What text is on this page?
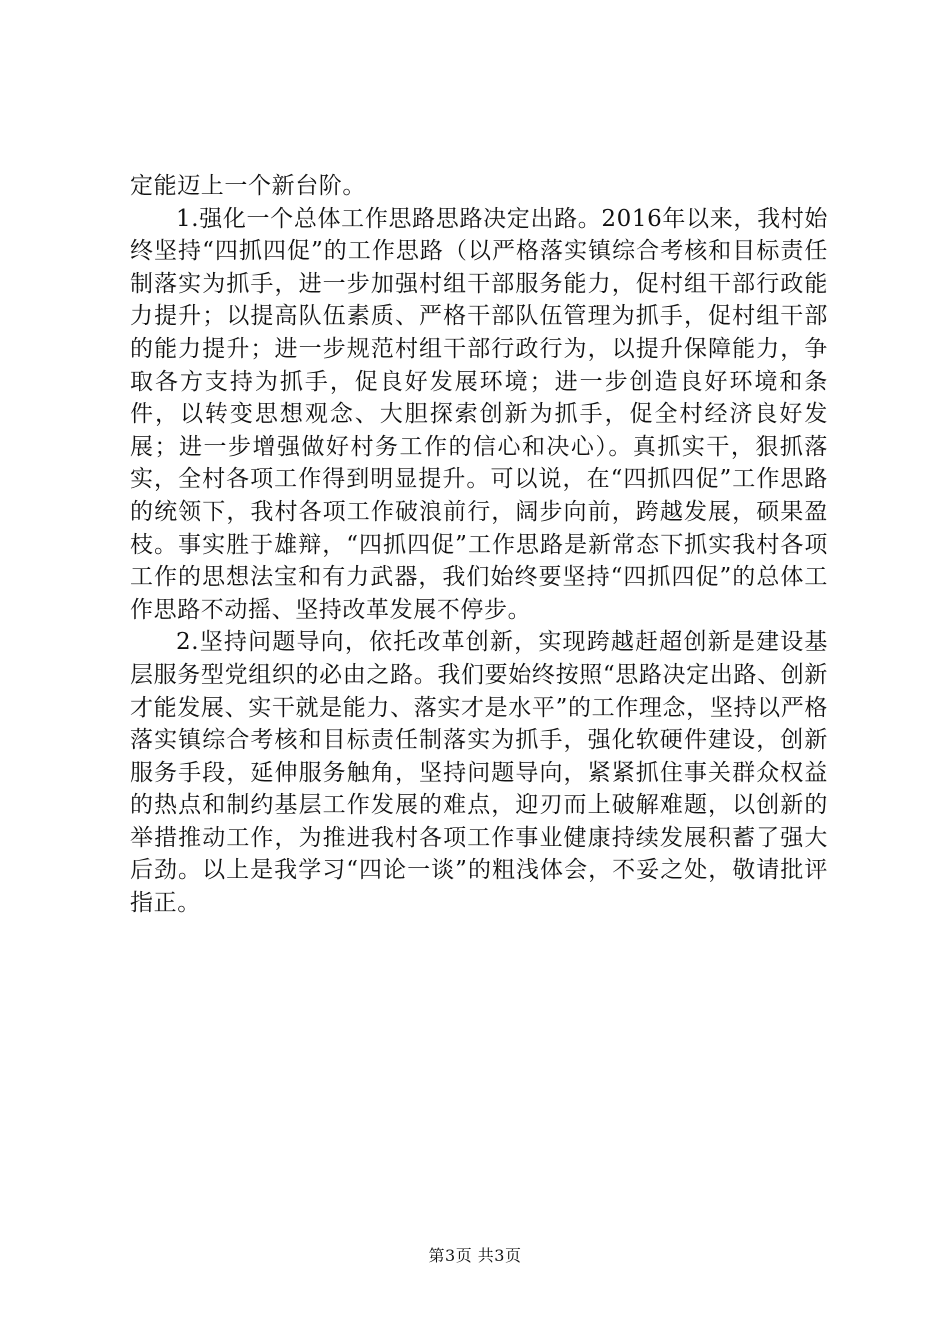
定能迈上一个新台阶。

1.强化一个总体工作思路思路决定出路。2016年以来，我村始终坚持“四抓四促”的工作思路（以严格落实镇综合考核和目标责任制落实为抓手，进一步加强村组干部服务能力，促村组干部行政能力提升；以提高队伍素质、严格干部队伍管理为抓手，促村组干部的能力提升；进一步规范村组干部行政行为，以提升保障能力，争取各方支持为抓手，促良好发展环境；进一步创造良好环境和条件，以转变思想观念、大胆探索创新为抓手，促全村经济良好发展；进一步增强做好村务工作的信心和决心）。真抓实干，狠抓落实，全村各项工作得到明显提升。可以说，在“四抓四促”工作思路的统领下，我村各项工作破浪前行，阔步向前，跨越发展，硕果盈枝。事实胜于雄辩，“四抓四促”工作思路是新常态下抓实我村各项工作的思想法宝和有力武器，我们始终要坚持“四抓四促”的总体工作思路不动摇、坚持改革发展不停步。

2.坚持问题导向，依托改革创新，实现跨越赶超创新是建设基层服务型党组织的必由之路。我们要始终按照“思路决定出路、创新才能发展、实干就是能力、落实才是水平”的工作理念，坚持以严格落实镇综合考核和目标责任制落实为抓手，强化软硬件建设，创新服务手段，延伸服务触角，坚持问题导向，紧紧抓住事关群众权益的热点和制约基层工作发展的难点，迎刃而上破解难题，以创新的举措推动工作，为推进我村各项工作事业健康持续发展积蓄了强大后劲。以上是我学习“四论一谈”的粗浅体会，不妥之处，敬请批评指正。

第3页 共3页
